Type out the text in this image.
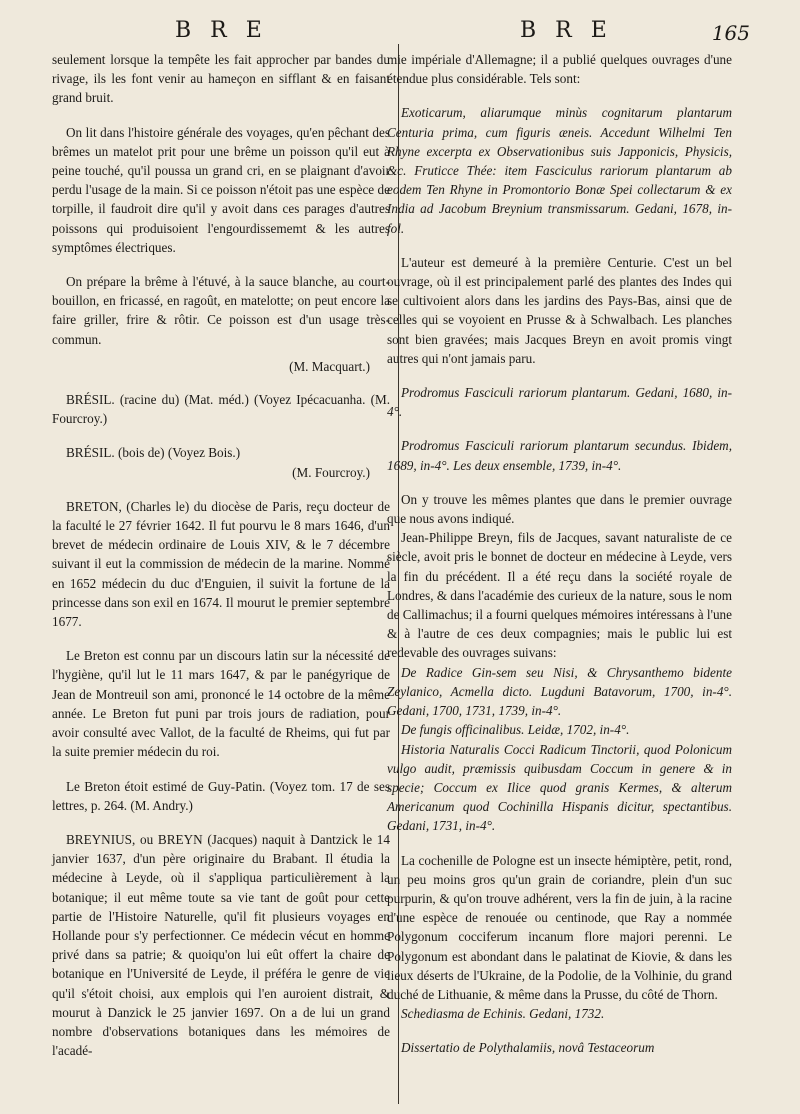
B R E	B R E	165

seulement lorsque la tempête les fait approcher par bandes du rivage, ils les font venir au hameçon en sifflant & en faisant grand bruit.

On lit dans l'histoire générale des voyages, qu'en pêchant des brêmes un matelot prit pour une brême un poisson qu'il eut à peine touché, qu'il poussa un grand cri, en se plaignant d'avoir perdu l'usage de la main. Si ce poisson n'étoit pas une espèce de torpille, il faudroit dire qu'il y avoit dans ces parages d'autres poissons qui produisoient l'engourdissememt & les autres symptômes électriques.

On prépare la brême à l'étuvé, à la sauce blanche, au court-bouillon, en fricassé, en ragoût, en matelotte; on peut encore la faire griller, frire & rôtir. Ce poisson est d'un usage très-commun.

(M. Macquart.)

BRÉSIL. (racine du) (Mat. méd.) (Voyez Ipécacuanha. (M. Fourcroy.)

BRÉSIL. (bois de) (Voyez Bois.)

(M. Fourcroy.)

BRETON, (Charles le) du diocèse de Paris, reçu docteur de la faculté le 27 février 1642. Il fut pourvu le 8 mars 1646, d'un brevet de médecin ordinaire de Louis XIV, & le 7 décembre suivant il eut la commission de médecin de la marine. Nommé en 1652 médecin du duc d'Enguien, il suivit la fortune de la princesse dans son exil en 1674. Il mourut le premier septembre 1677.

Le Breton est connu par un discours latin sur la nécessité de l'hygiène, qu'il lut le 11 mars 1647, & par le panégyrique de Jean de Montreuil son ami, prononcé le 14 octobre de la même année. Le Breton fut puni par trois jours de radiation, pour avoir consulté avec Vallot, de la faculté de Rheims, qui fut par la suite premier médecin du roi.

Le Breton étoit estimé de Guy-Patin. (Voyez tom. 17 de ses lettres, p. 264. (M. Andry.)

BREYNIUS, ou BREYN (Jacques) naquit à Dantzick le 14 janvier 1637, d'un père originaire du Brabant. Il étudia la médecine à Leyde, où il s'appliqua particulièrement à la botanique; il eut même toute sa vie tant de goût pour cette partie de l'Histoire Naturelle, qu'il fit plusieurs voyages en Hollande pour s'y perfectionner. Ce médecin vécut en homme privé dans sa patrie; & quoiqu'on lui eût offert la chaire de botanique en l'Université de Leyde, il préféra le genre de vie qu'il s'étoit choisi, aux emplois qui l'en auroient distrait, & mourut à Danzick le 25 janvier 1697. On a de lui un grand nombre d'observations botaniques dans les mémoires de l'acadé-

mie impériale d'Allemagne; il a publié quelques ouvrages d'une étendue plus considérable. Tels sont:

Exoticarum, aliarumque minùs cognitarum plantarum Centuria prima, cum figuris æneis. Accedunt Wilhelmi Ten Rhyne excerpta ex Observationibus suis Japponicis, Physicis, &c. Fruticce Thée: item Fasciculus rariorum plantarum ab eodem Ten Rhyne in Promontorio Bonæ Spei collectarum & ex India ad Jacobum Breynium transmissarum. Gedani, 1678, in-fol.

L'auteur est demeuré à la première Centurie. C'est un bel ouvrage, où il est principalement parlé des plantes des Indes qui se cultivoient alors dans les jardins des Pays-Bas, ainsi que de celles qui se voyoient en Prusse & à Schwalbach. Les planches sont bien gravées; mais Jacques Breyn en avoit promis vingt autres qui n'ont jamais paru.

Prodromus Fasciculi rariorum plantarum. Gedani, 1680, in-4°.

Prodromus Fasciculi rariorum plantarum secundus. Ibidem, 1689, in-4°. Les deux ensemble, 1739, in-4°.

On y trouve les mêmes plantes que dans le premier ouvrage que nous avons indiqué.

Jean-Philippe Breyn, fils de Jacques, savant naturaliste de ce siècle, avoit pris le bonnet de docteur en médecine à Leyde, vers la fin du précédent. Il a été reçu dans la société royale de Londres, & dans l'académie des curieux de la nature, sous le nom de Callimachus; il a fourni quelques mémoires intéressans à l'une & à l'autre de ces deux compagnies; mais le public lui est redevable des ouvrages suivans:

De Radice Gin-sem seu Nisi, & Chrysanthemo bidente Zeylanico, Acmella dicto. Lugduni Batavorum, 1700, in-4°. Gedani, 1700, 1731, 1739, in-4°.

De fungis officinalibus. Leidæ, 1702, in-4°.

Historia Naturalis Cocci Radicum Tinctorii, quod Polonicum vulgo audit, præmissis quibusdam Coccum in genere & in specie; Coccum ex Ilice quod granis Kermes, & alterum Americanum quod Cochinilla Hispanis dicitur, spectantibus. Gedani, 1731, in-4°.

La cochenille de Pologne est un insecte hémiptère, petit, rond, un peu moins gros qu'un grain de coriandre, plein d'un suc purpurin, & qu'on trouve adhérent, vers la fin de juin, à la racine d'une espèce de renouée ou centinode, que Ray a nommée Polygonum cocciferum incanum flore majori perenni. Le Polygonum est abondant dans le palatinat de Kiovie, & dans les lieux déserts de l'Ukraine, de la Podolie, de la Volhinie, du grand duché de Lithuanie, & même dans la Prusse, du côté de Thorn.

Schediasma de Echinis. Gedani, 1732.

Dissertatio de Polythalamiis, novâ Testaceorum
